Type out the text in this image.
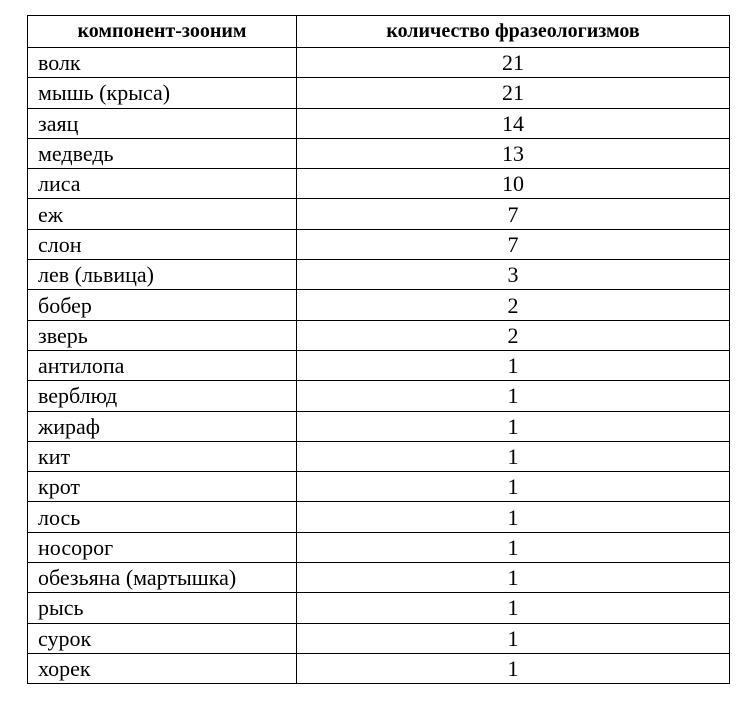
компонент-зооним	количество фразеологизмов
волк	21
мышь (крыса)	21
заяц	14
медведь	13
лиса	10
еж	7
слон	7
лев (львица)	3
бобер	2
зверь	2
антилопа	1
верблюд	1
жираф	1
кит	1
крот	1
лось	1
носорог	1
обезьяна (мартышка)	1
рысь	1
сурок	1
хорек	1
